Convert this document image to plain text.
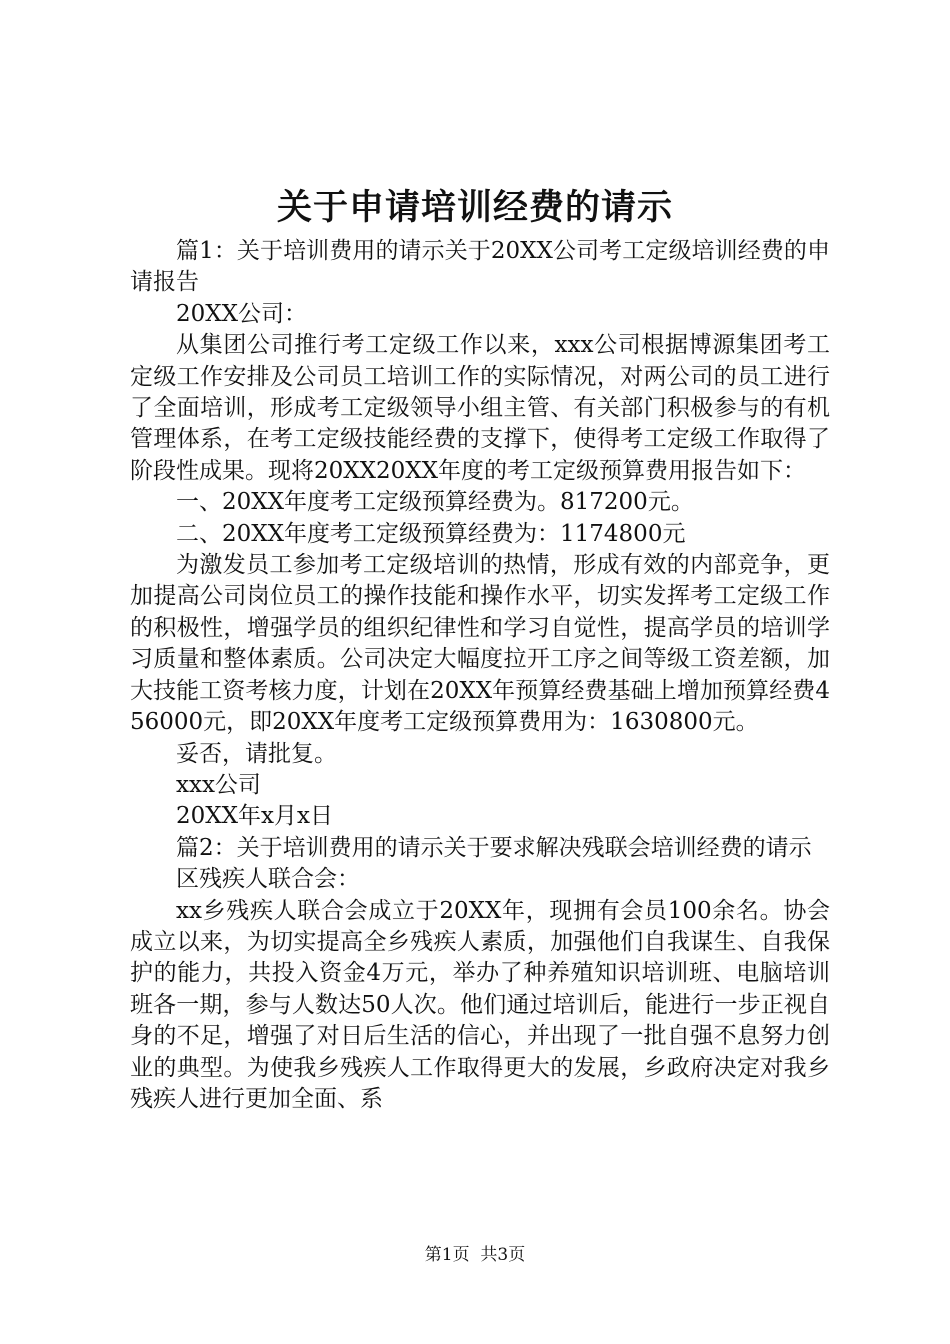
关于申请培训经费的请示

篇1：关于培训费用的请示关于20XX公司考工定级培训经费的申请报告

20XX公司：

从集团公司推行考工定级工作以来，xxx公司根据博源集团考工定级工作安排及公司员工培训工作的实际情况，对两公司的员工进行了全面培训，形成考工定级领导小组主管、有关部门积极参与的有机管理体系，在考工定级技能经费的支撑下，使得考工定级工作取得了阶段性成果。现将20XX20XX年度的考工定级预算费用报告如下：

一、20XX年度考工定级预算经费为。817200元。

二、20XX年度考工定级预算经费为：1174800元

为激发员工参加考工定级培训的热情，形成有效的内部竞争，更加提高公司岗位员工的操作技能和操作水平，切实发挥考工定级工作的积极性，增强学员的组织纪律性和学习自觉性，提高学员的培训学习质量和整体素质。公司决定大幅度拉开工序之间等级工资差额，加大技能工资考核力度，计划在20XX年预算经费基础上增加预算经费456000元，即20XX年度考工定级预算费用为：1630800元。

妥否，请批复。

xxx公司

20XX年x月x日

篇2：关于培训费用的请示关于要求解决残联会培训经费的请示

区残疾人联合会：

xx乡残疾人联合会成立于20XX年，现拥有会员100余名。协会成立以来，为切实提高全乡残疾人素质，加强他们自我谋生、自我保护的能力，共投入资金4万元，举办了种养殖知识培训班、电脑培训班各一期，参与人数达50人次。他们通过培训后，能进行一步正视自身的不足，增强了对日后生活的信心，并出现了一批自强不息努力创业的典型。为使我乡残疾人工作取得更大的发展，乡政府决定对我乡残疾人进行更加全面、系

第1页 共3页
